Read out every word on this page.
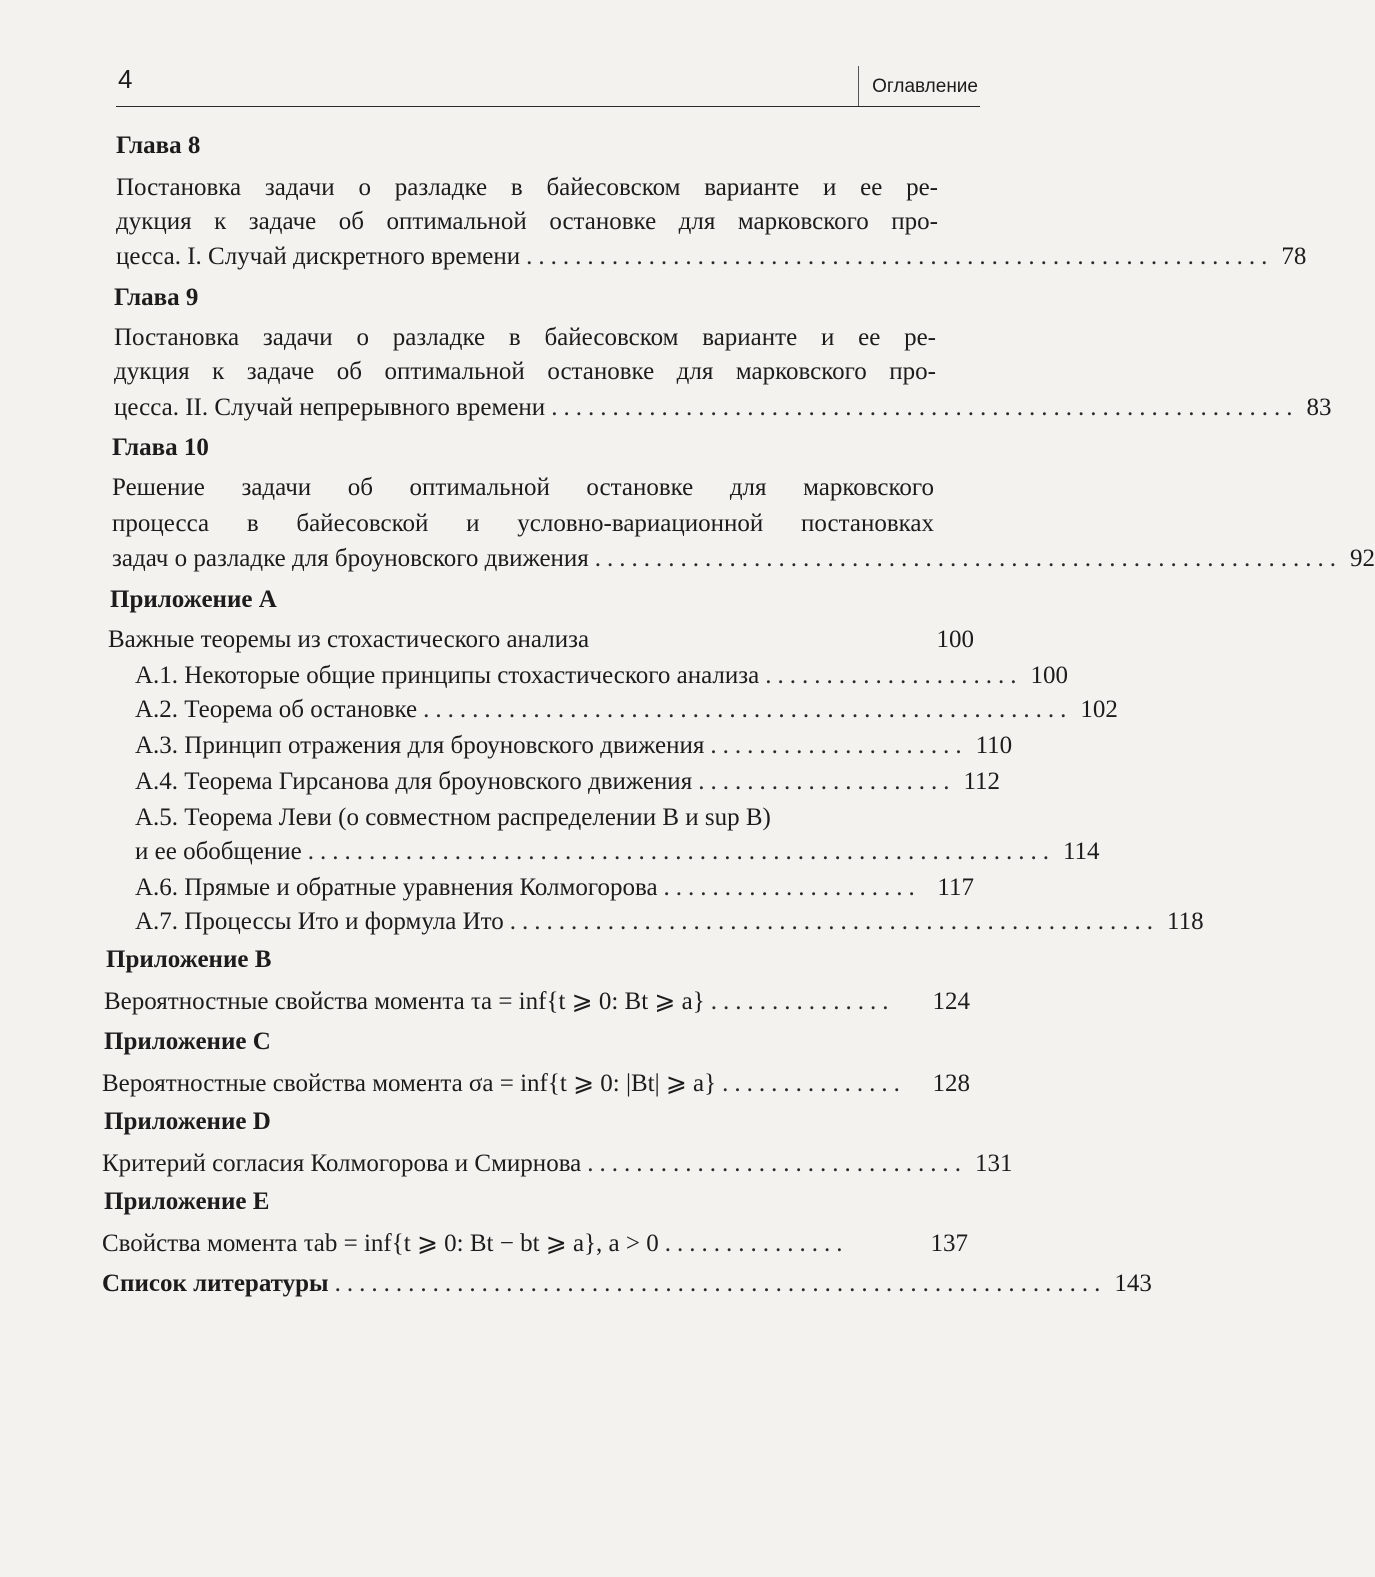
4	Оглавление
Глава 8
Постановка задачи о разладке в байесовском варианте и ее ре-
дукция к задаче об оптимальной остановке для марковского про-
цесса. I. Случай дискретного времени ............................................................. 78
Глава 9
Постановка задачи о разладке в байесовском варианте и ее ре-
дукция к задаче об оптимальной остановке для марковского про-
цесса. II. Случай непрерывного времени ............................................................. 83
Глава 10
Решение задачи об оптимальной остановке для марковского
процесса в байесовской и условно-вариационной постановках
задач о разладке для броуновского движения ............................................................. 92
Приложение A
Важные теоремы из стохастического анализа	100
A.1. Некоторые общие принципы стохастического анализа ..................... 100
A.2. Теорема об остановке ..................................................... 102
A.3. Принцип отражения для броуновского движения ..................... 110
A.4. Теорема Гирсанова для броуновского движения ..................... 112
A.5. Теорема Леви (о совместном распределении B и sup B)
и ее обобщение ............................................................. 114
A.6. Прямые и обратные уравнения Колмогорова ..................... 117
A.7. Процессы Ито и формула Ито ..................................................... 118
Приложение B
Вероятностные свойства момента τa = inf{t ⩾ 0: Bt ⩾ a} ...............	124
Приложение C
Вероятностные свойства момента σa = inf{t ⩾ 0: |Bt| ⩾ a} ...............	128
Приложение D
Критерий согласия Колмогорова и Смирнова ............................... 131
Приложение E
Свойства момента τab = inf{t ⩾ 0: Bt − bt ⩾ a}, a > 0 ...............	137
Список литературы ............................................................... 143
